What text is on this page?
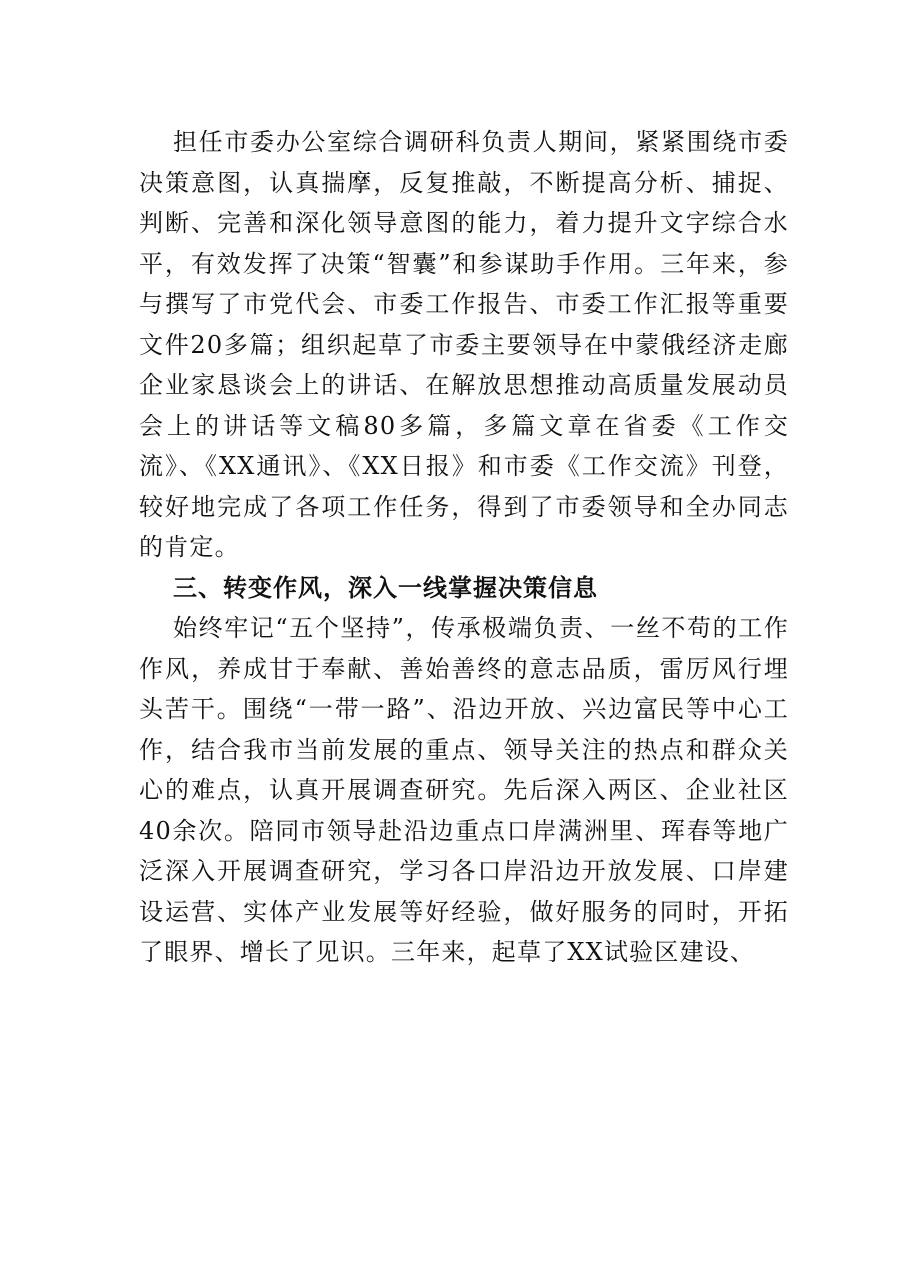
担任市委办公室综合调研科负责人期间，紧紧围绕市委决策意图，认真揣摩，反复推敲，不断提高分析、捕捉、判断、完善和深化领导意图的能力，着力提升文字综合水平，有效发挥了决策“智囊”和参谋助手作用。三年来，参与撰写了市党代会、市委工作报告、市委工作汇报等重要文件20多篇；组织起草了市委主要领导在中蒙俄经济走廊企业家恳谈会上的讲话、在解放思想推动高质量发展动员会上的讲话等文稿80多篇，多篇文章在省委《工作交流》、《XX通讯》、《XX日报》和市委《工作交流》刊登，较好地完成了各项工作任务，得到了市委领导和全办同志的肯定。

三、转变作风，深入一线掌握决策信息

始终牢记“五个坚持”，传承极端负责、一丝不苟的工作作风，养成甘于奉献、善始善终的意志品质，雷厉风行埋头苦干。围绕“一带一路”、沿边开放、兴边富民等中心工作，结合我市当前发展的重点、领导关注的热点和群众关心的难点，认真开展调查研究。先后深入两区、企业社区40余次。陪同市领导赴沿边重点口岸满洲里、珲春等地广泛深入开展调查研究，学习各口岸沿边开放发展、口岸建设运营、实体产业发展等好经验，做好服务的同时，开拓了眼界、增长了见识。三年来，起草了XX试验区建设、
